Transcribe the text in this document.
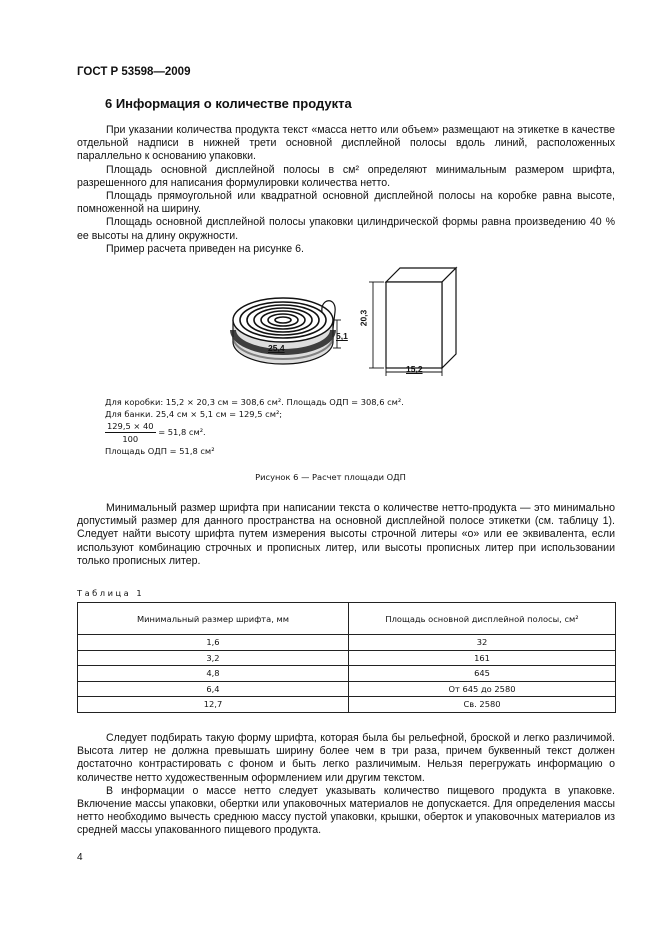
ГОСТ Р 53598—2009
6 Информация о количестве продукта

При указании количества продукта текст «масса нетто или объем» размещают на этикетке в качестве отдельной надписи в нижней трети основной дисплейной полосы вдоль линий, расположенных параллельно к основанию упаковки.

Площадь основной дисплейной полосы в см² определяют минимальным размером шрифта, разрешенного для написания формулировки количества нетто.

Площадь прямоугольной или квадратной основной дисплейной полосы на коробке равна высоте, помноженной на ширину.

Площадь основной дисплейной полосы упаковки цилиндрической формы равна произведению 40 % ее высоты на длину окружности.

Пример расчета приведен на рисунке 6.

25,4
5,1
20,3
15,2
Для коробки: 15,2 × 20,3 см = 308,6 см². Площадь ОДП = 308,6 см².
Для банки. 25,4 см × 5,1 см = 129,5 см²;
$\frac{129,5 \times 40}{100} = 51,8$ см².
Площадь ОДП = 51,8 см²
Рисунок 6 — Расчет площади ОДП

Минимальный размер шрифта при написании текста о количестве нетто-продукта — это минимально допустимый размер для данного пространства на основной дисплейной полосе этикетки (см. таблицу 1). Следует найти высоту шрифта путем измерения высоты строчной литеры «о» или ее эквивалента, если используют комбинацию строчных и прописных литер, или высоты прописных литер при использовании только прописных литер.

Таблица 1
Минимальный размер шрифта, мм	Площадь основной дисплейной полосы, см²
1,6	32
3,2	161
4,8	645
6,4	От 645 до 2580
12,7	Св. 2580

Следует подбирать такую форму шрифта, которая была бы рельефной, броской и легко различимой. Высота литер не должна превышать ширину более чем в три раза, причем буквенный текст должен достаточно контрастировать с фоном и быть легко различимым. Нельзя перегружать информацию о количестве нетто художественным оформлением или другим текстом.

В информации о массе нетто следует указывать количество пищевого продукта в упаковке. Включение массы упаковки, обертки или упаковочных материалов не допускается. Для определения массы нетто необходимо вычесть среднюю массу пустой упаковки, крышки, оберток и упаковочных материалов из средней массы упакованного пищевого продукта.

4
